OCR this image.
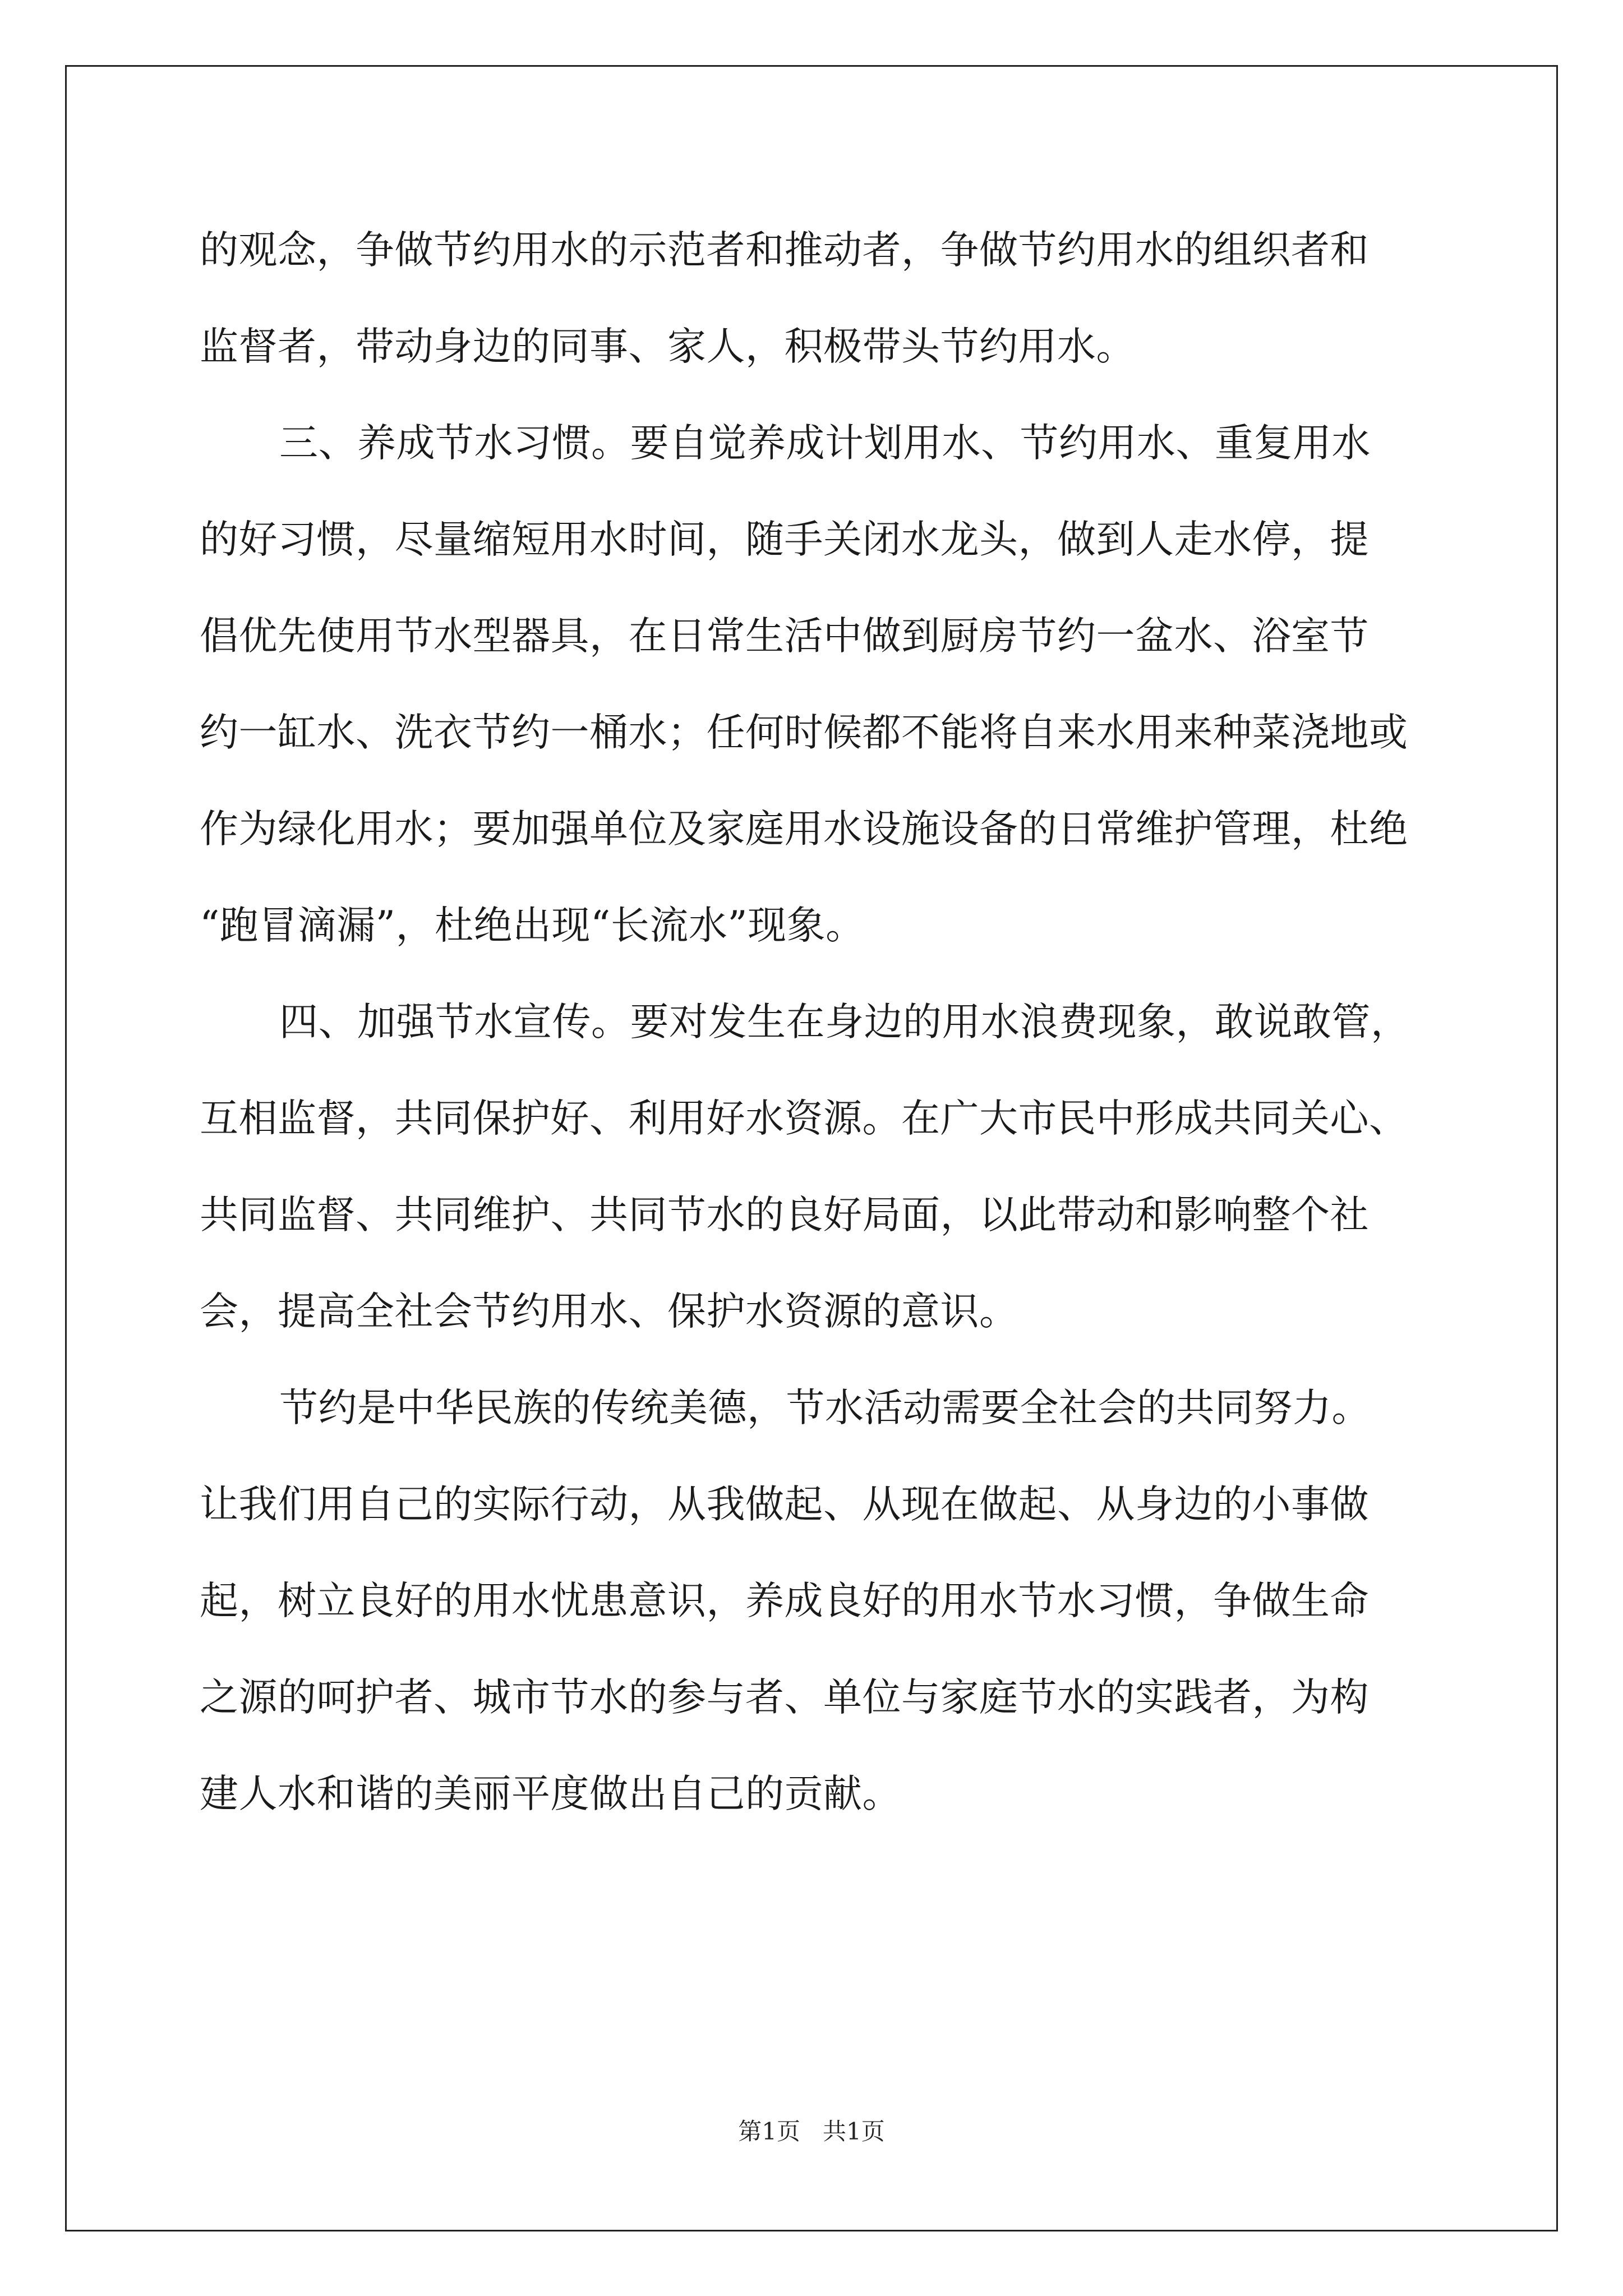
的观念，争做节约用水的示范者和推动者，争做节约用水的组织者和
监督者，带动身边的同事、家人，积极带头节约用水。
三、养成节水习惯。要自觉养成计划用水、节约用水、重复用水
的好习惯，尽量缩短用水时间，随手关闭水龙头，做到人走水停，提
倡优先使用节水型器具，在日常生活中做到厨房节约一盆水、浴室节
约一缸水、洗衣节约一桶水；任何时候都不能将自来水用来种菜浇地或
作为绿化用水；要加强单位及家庭用水设施设备的日常维护管理，杜绝
“跑冒滴漏”，杜绝出现“长流水”现象。
四、加强节水宣传。要对发生在身边的用水浪费现象，敢说敢管，
互相监督，共同保护好、利用好水资源。在广大市民中形成共同关心、
共同监督、共同维护、共同节水的良好局面，以此带动和影响整个社
会，提高全社会节约用水、保护水资源的意识。
节约是中华民族的传统美德，节水活动需要全社会的共同努力。
让我们用自己的实际行动，从我做起、从现在做起、从身边的小事做
起，树立良好的用水忧患意识，养成良好的用水节水习惯，争做生命
之源的呵护者、城市节水的参与者、单位与家庭节水的实践者，为构
建人水和谐的美丽平度做出自己的贡献。
第1页   共1页
